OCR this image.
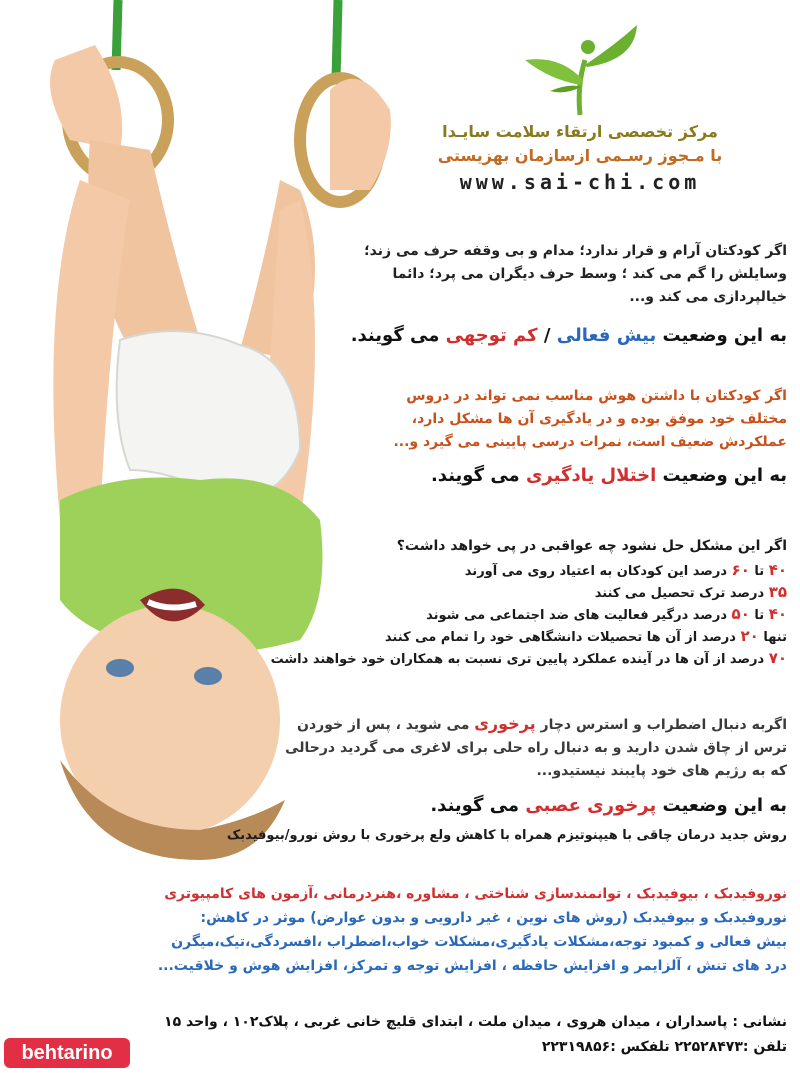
مرکز تخصصی ارتقاء سلامت سایـدا
با مـجوز رسـمی ازسازمان بهزیستی
www.sai-chi.com
اگر کودکتان آرام و قرار ندارد؛ مدام و بی وقفه حرف می زند؛
وسایلش را گم می کند ؛ وسط حرف دیگران می پرد؛ دائما
خیالپردازی می کند و...
به این وضعیت بیش فعالی / کم توجهی می گویند.
اگر کودکتان با داشتن هوش مناسب نمی تواند در دروس
مختلف خود موفق بوده و در یادگیری آن ها مشکل دارد،
عملکردش ضعیف است، نمرات درسی پایینی می گیرد و...
به این وضعیت اختلال یادگیری می گویند.
اگر این مشکل حل نشود چه عواقبی در پی خواهد داشت؟
۴۰ تا ۶۰ درصد این کودکان به اعتیاد روی می آورند
۳۵ درصد ترک تحصیل می کنند
۴۰ تا ۵۰ درصد درگیر فعالیت های ضد اجتماعی می شوند
تنها ۲۰ درصد از آن ها تحصیلات دانشگاهی خود را تمام می کنند
۷۰ درصد از آن ها در آینده عملکرد پایین تری نسبت به همکاران خود خواهند داشت
اگربه دنبال اضطراب و استرس دچار پرخوری می شوید ، پس از خوردن
ترس از چاق شدن دارید و به دنبال راه حلی برای لاغری می گردید درحالی
که به رژیم های خود پایبند نیستیدو...
به این وضعیت پرخوری عصبی می گویند.
روش جدید درمان چاقی با هیپنوتیزم همراه با کاهش ولع پرخوری با روش نورو/بیوفیدبک
نوروفیدبک ، بیوفیدبک ، توانمندسازی شناختی ، مشاوره ،هنردرمانی ،آزمون های کامپیوتری
نوروفیدبک و بیوفیدبک (روش های نوین ، غیر دارویی و بدون عوارض) موثر در کاهش:
بیش فعالی و کمبود توجه،مشکلات یادگیری،مشکلات خواب،اضطراب ،افسردگی،تیک،میگرن
درد های تنش ، آلزایمر و افزایش حافظه ، افزایش توجه و تمرکز، افزایش هوش و خلاقیت...
نشانی : پاسداران ، میدان هروی ، میدان ملت ، ابتدای قلیچ خانی غربی ، پلاک۱۰۲ ، واحد ۱۵
تلفن :۲۲۵۲۸۴۷۳ تلفکس :۲۲۳۱۹۸۵۶
behtarino
